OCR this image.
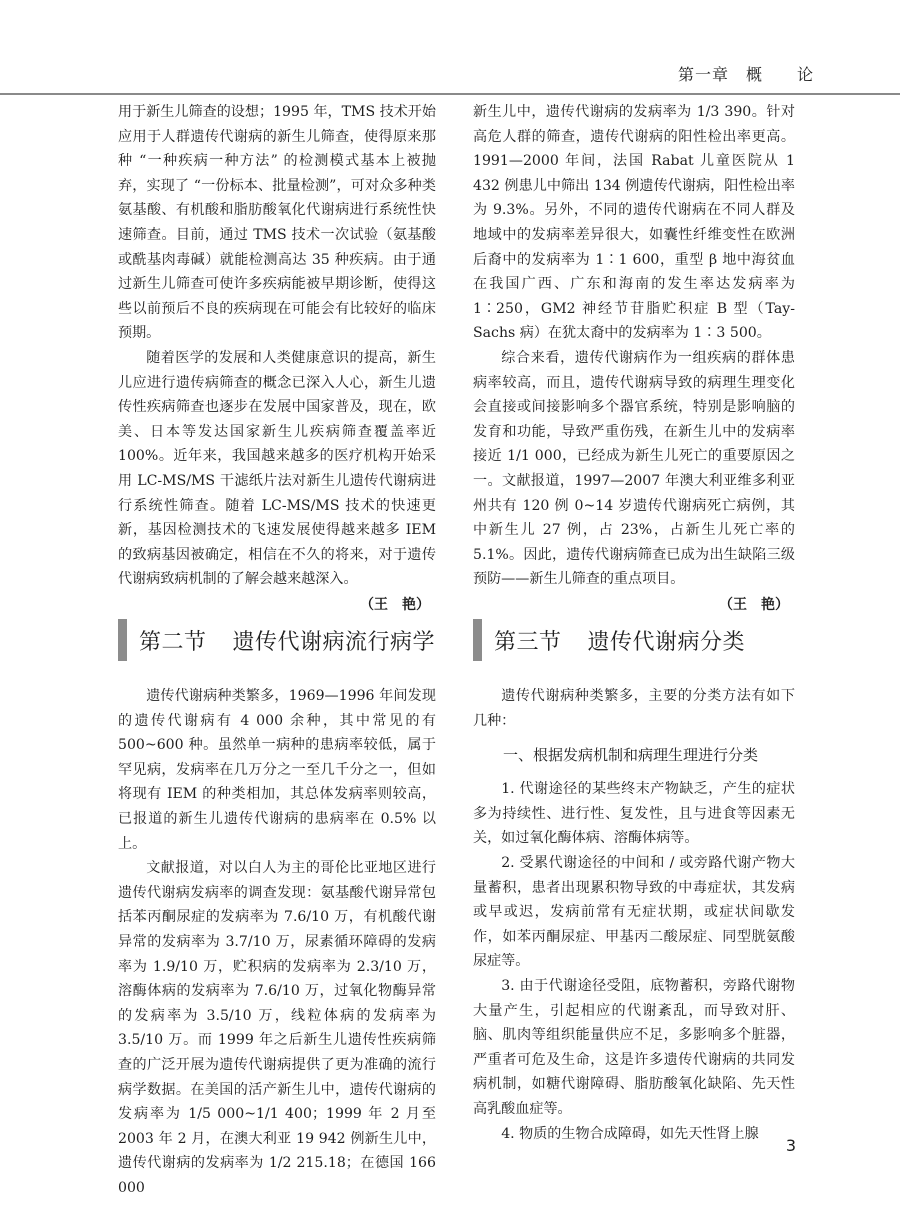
第一章　概　　论

用于新生儿筛查的设想；1995 年，TMS 技术开始应用于人群遗传代谢病的新生儿筛查，使得原来那种 “一种疾病一种方法” 的检测模式基本上被抛弃，实现了 “一份标本、批量检测”，可对众多种类氨基酸、有机酸和脂肪酸氧化代谢病进行系统性快速筛查。目前，通过 TMS 技术一次试验（氨基酸或酰基肉毒碱）就能检测高达 35 种疾病。由于通过新生儿筛查可使许多疾病能被早期诊断，使得这些以前预后不良的疾病现在可能会有比较好的临床预期。

随着医学的发展和人类健康意识的提高，新生儿应进行遗传病筛查的概念已深入人心，新生儿遗传性疾病筛查也逐步在发展中国家普及，现在，欧美、日本等发达国家新生儿疾病筛查覆盖率近 100%。近年来，我国越来越多的医疗机构开始采用 LC-MS/MS 干滤纸片法对新生儿遗传代谢病进行系统性筛查。随着 LC-MS/MS 技术的快速更新，基因检测技术的飞速发展使得越来越多 IEM 的致病基因被确定，相信在不久的将来，对于遗传代谢病致病机制的了解会越来越深入。

（王　艳）

新生儿中，遗传代谢病的发病率为 1/3 390。针对高危人群的筛查，遗传代谢病的阳性检出率更高。1991—2000 年间，法国 Rabat 儿童医院从 1 432 例患儿中筛出 134 例遗传代谢病，阳性检出率为 9.3%。另外，不同的遗传代谢病在不同人群及地域中的发病率差异很大，如囊性纤维变性在欧洲后裔中的发病率为 1∶1 600，重型 β 地中海贫血在我国广西、广东和海南的发生率达发病率为 1∶250，GM2 神经节苷脂贮积症 B 型（Tay-Sachs 病）在犹太裔中的发病率为 1∶3 500。

综合来看，遗传代谢病作为一组疾病的群体患病率较高，而且，遗传代谢病导致的病理生理变化会直接或间接影响多个器官系统，特别是影响脑的发育和功能，导致严重伤残，在新生儿中的发病率接近 1/1 000，已经成为新生儿死亡的重要原因之一。文献报道，1997—2007 年澳大利亚维多利亚州共有 120 例 0~14 岁遗传代谢病死亡病例，其中新生儿 27 例，占 23%，占新生儿死亡率的 5.1%。因此，遗传代谢病筛查已成为出生缺陷三级预防——新生儿筛查的重点项目。

（王　艳）
第二节 遗传代谢病流行病学	第三节 遗传代谢病分类

遗传代谢病种类繁多，1969—1996 年间发现的遗传代谢病有 4 000 余种，其中常见的有 500~600 种。虽然单一病种的患病率较低，属于罕见病，发病率在几万分之一至几千分之一，但如将现有 IEM 的种类相加，其总体发病率则较高，已报道的新生儿遗传代谢病的患病率在 0.5% 以上。

文献报道，对以白人为主的哥伦比亚地区进行遗传代谢病发病率的调查发现：氨基酸代谢异常包括苯丙酮尿症的发病率为 7.6/10 万，有机酸代谢异常的发病率为 3.7/10 万，尿素循环障碍的发病率为 1.9/10 万，贮积病的发病率为 2.3/10 万，溶酶体病的发病率为 7.6/10 万，过氧化物酶异常的发病率为 3.5/10 万，线粒体病的发病率为 3.5/10 万。而 1999 年之后新生儿遗传性疾病筛查的广泛开展为遗传代谢病提供了更为准确的流行病学数据。在美国的活产新生儿中，遗传代谢病的发病率为 1/5 000~1/1 400；1999 年 2 月至 2003 年 2 月，在澳大利亚 19 942 例新生儿中，遗传代谢病的发病率为 1/2 215.18；在德国 166 000

遗传代谢病种类繁多，主要的分类方法有如下几种：

一、根据发病机制和病理生理进行分类

1. 代谢途径的某些终末产物缺乏，产生的症状多为持续性、进行性、复发性，且与进食等因素无关，如过氧化酶体病、溶酶体病等。

2. 受累代谢途径的中间和 / 或旁路代谢产物大量蓄积，患者出现累积物导致的中毒症状，其发病或早或迟，发病前常有无症状期，或症状间歇发作，如苯丙酮尿症、甲基丙二酸尿症、同型胱氨酸尿症等。

3. 由于代谢途径受阻，底物蓄积，旁路代谢物大量产生，引起相应的代谢紊乱，而导致对肝、脑、肌肉等组织能量供应不足，多影响多个脏器，严重者可危及生命，这是许多遗传代谢病的共同发病机制，如糖代谢障碍、脂肪酸氧化缺陷、先天性高乳酸血症等。

4. 物质的生物合成障碍，如先天性肾上腺

3
